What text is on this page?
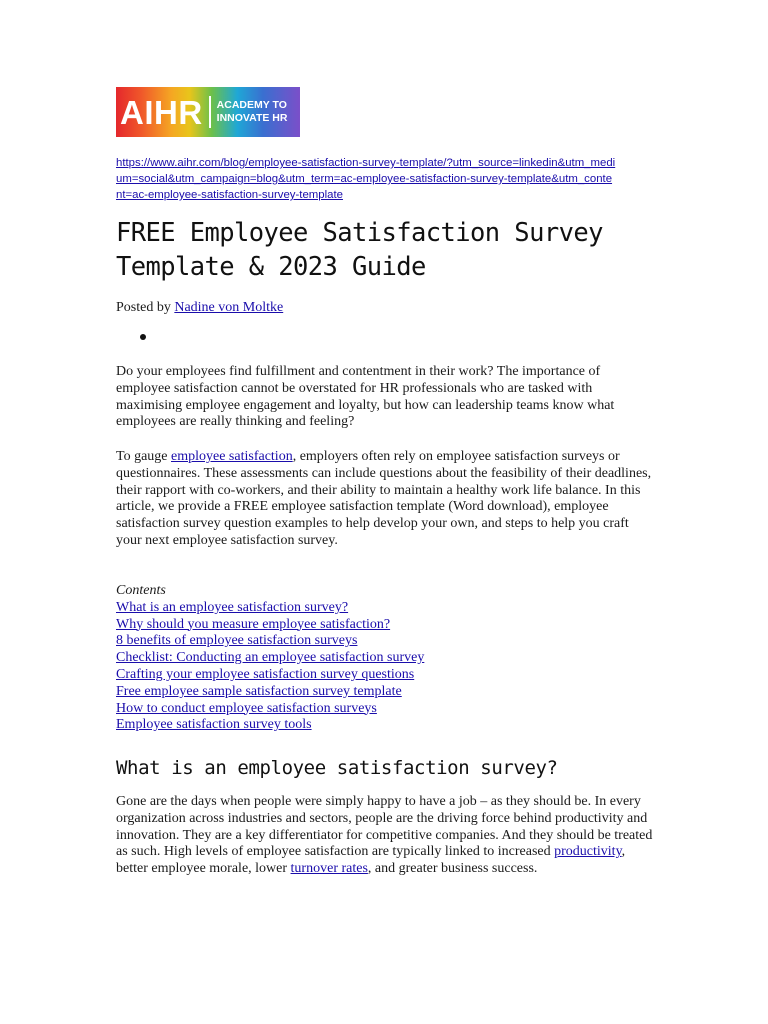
AIHR ACADEMY TO
INNOVATE HR
https://www.aihr.com/blog/employee-satisfaction-survey-template/?utm_source=linkedin&utm_medium=social&utm_campaign=blog&utm_term=ac-employee-satisfaction-survey-template&utm_content=ac-employee-satisfaction-survey-template
FREE Employee Satisfaction Survey Template & 2023 Guide
Posted by Nadine von Moltke

Do your employees find fulfillment and contentment in their work? The importance of employee satisfaction cannot be overstated for HR professionals who are tasked with maximising employee engagement and loyalty, but how can leadership teams know what employees are really thinking and feeling?

To gauge employee satisfaction, employers often rely on employee satisfaction surveys or questionnaires. These assessments can include questions about the feasibility of their deadlines, their rapport with co-workers, and their ability to maintain a healthy work life balance. In this article, we provide a FREE employee satisfaction template (Word download), employee satisfaction survey question examples to help develop your own, and steps to help you craft your next employee satisfaction survey.

Contents
What is an employee satisfaction survey?
Why should you measure employee satisfaction?
8 benefits of employee satisfaction surveys
Checklist: Conducting an employee satisfaction survey
Crafting your employee satisfaction survey questions
Free employee sample satisfaction survey template
How to conduct employee satisfaction surveys
Employee satisfaction survey tools
What is an employee satisfaction survey?

Gone are the days when people were simply happy to have a job – as they should be. In every organization across industries and sectors, people are the driving force behind productivity and innovation. They are a key differentiator for competitive companies. And they should be treated as such. High levels of employee satisfaction are typically linked to increased productivity, better employee morale, lower turnover rates, and greater business success.
